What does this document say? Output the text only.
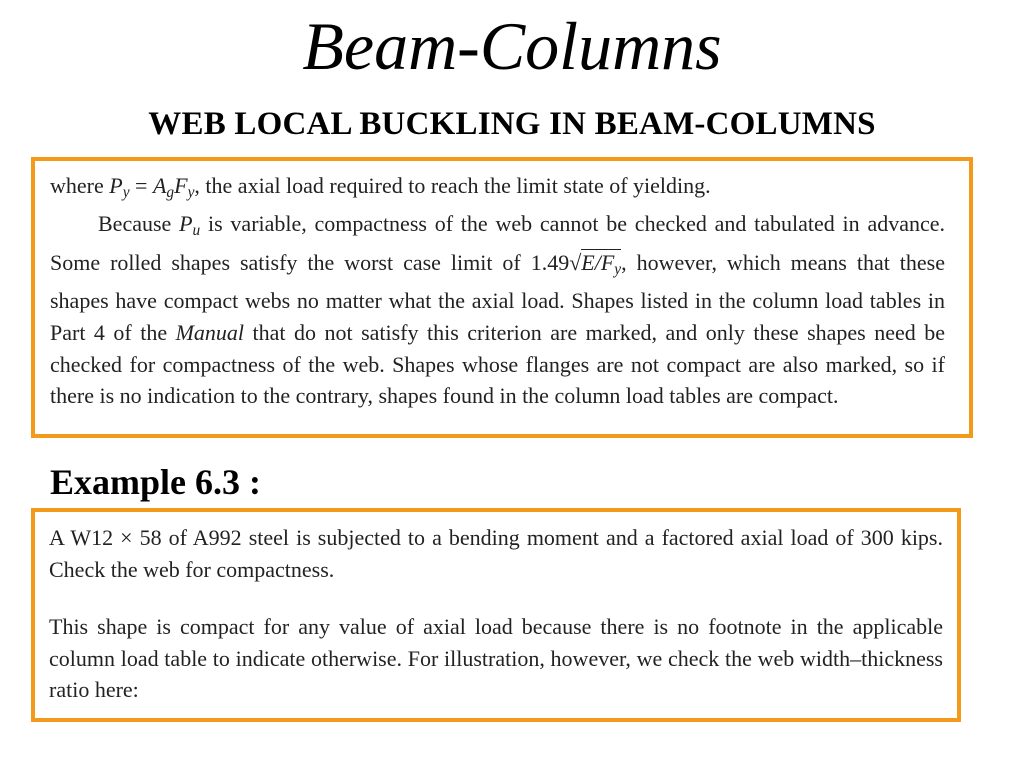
Beam-Columns
WEB LOCAL BUCKLING IN BEAM-COLUMNS

where $P_y = A_gF_y$, the axial load required to reach the limit state of yielding.

Because $P_u$ is variable, compactness of the web cannot be checked and tabulated in advance. Some rolled shapes satisfy the worst case limit of $1.49√E/F_y$, however, which means that these shapes have compact webs no matter what the axial load. Shapes listed in the column load tables in Part 4 of the Manual that do not satisfy this criterion are marked, and only these shapes need be checked for compactness of the web. Shapes whose flanges are not compact are also marked, so if there is no indication to the contrary, shapes found in the column load tables are compact.

Example 6.3 :

A W12 × 58 of A992 steel is subjected to a bending moment and a factored axial load of 300 kips. Check the web for compactness.

This shape is compact for any value of axial load because there is no footnote in the applicable column load table to indicate otherwise. For illustration, however, we check the web width–thickness ratio here:
